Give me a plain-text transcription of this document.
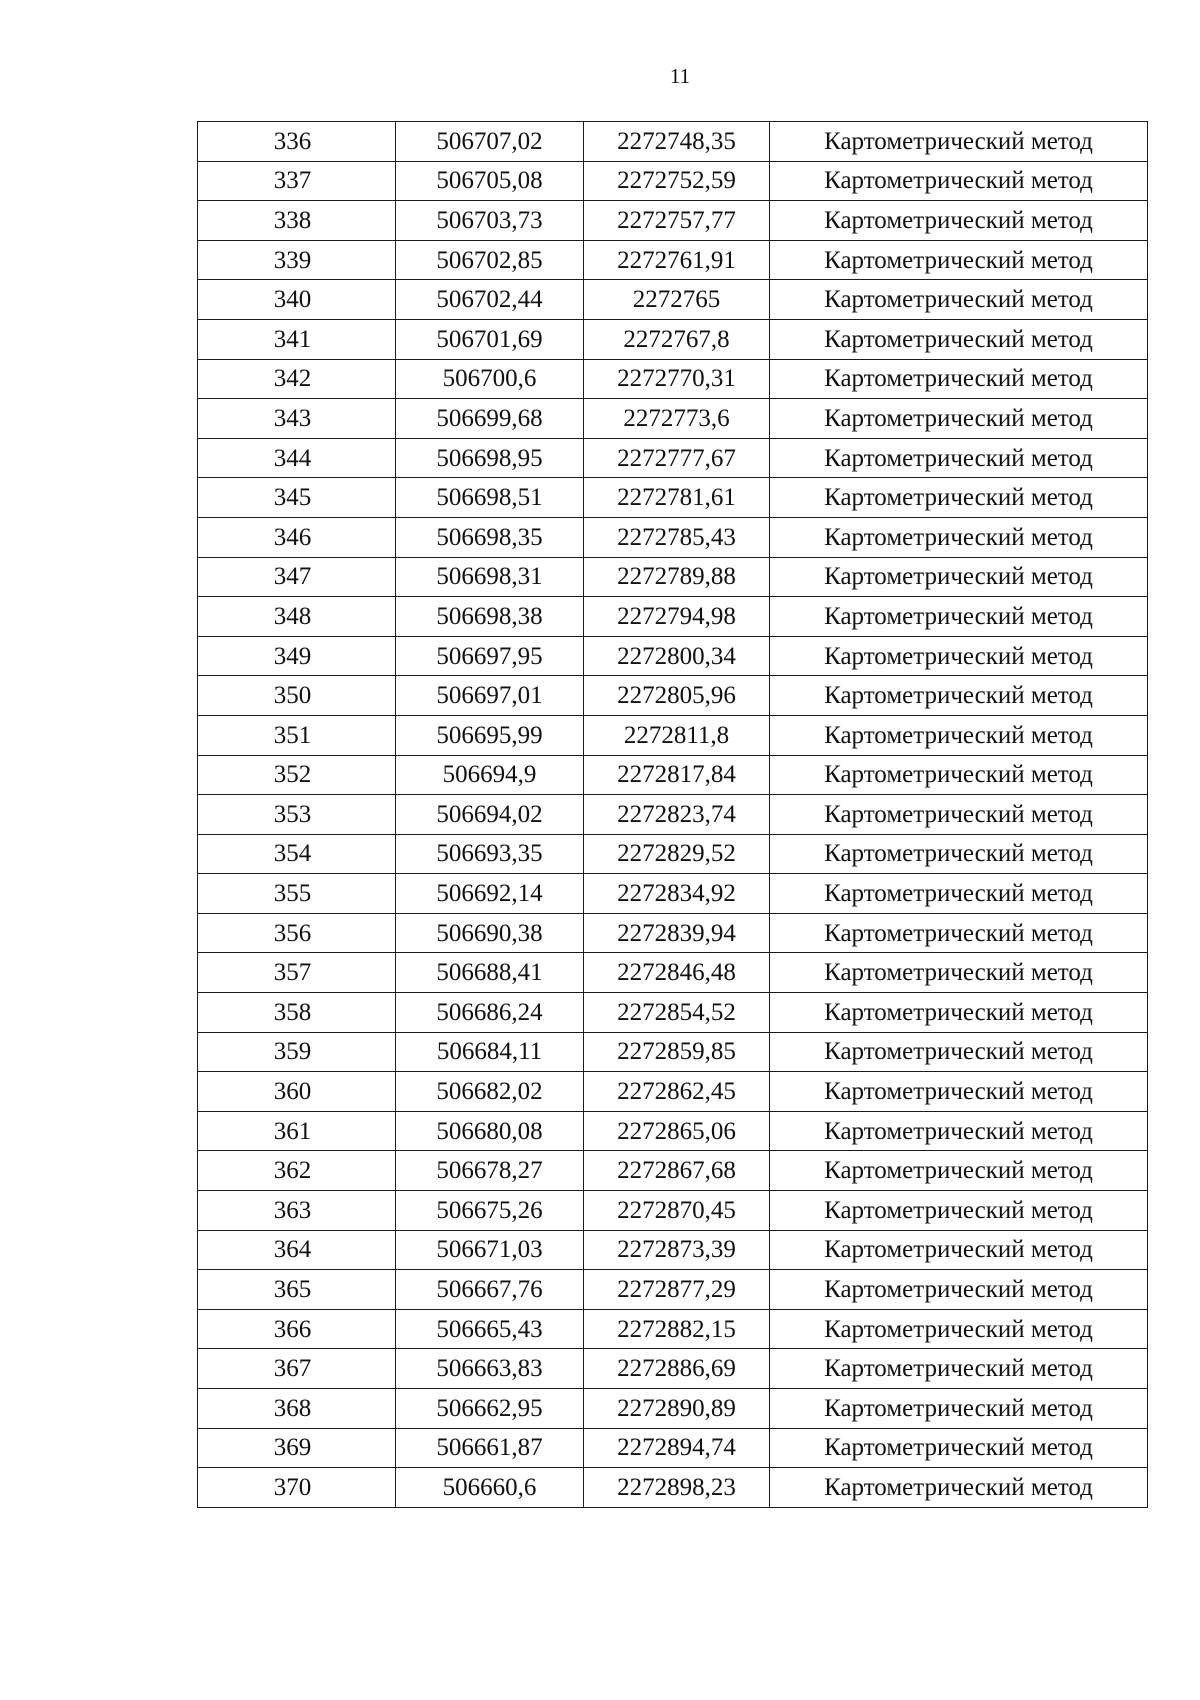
11
336	506707,02	2272748,35	Картометрический метод
337	506705,08	2272752,59	Картометрический метод
338	506703,73	2272757,77	Картометрический метод
339	506702,85	2272761,91	Картометрический метод
340	506702,44	2272765	Картометрический метод
341	506701,69	2272767,8	Картометрический метод
342	506700,6	2272770,31	Картометрический метод
343	506699,68	2272773,6	Картометрический метод
344	506698,95	2272777,67	Картометрический метод
345	506698,51	2272781,61	Картометрический метод
346	506698,35	2272785,43	Картометрический метод
347	506698,31	2272789,88	Картометрический метод
348	506698,38	2272794,98	Картометрический метод
349	506697,95	2272800,34	Картометрический метод
350	506697,01	2272805,96	Картометрический метод
351	506695,99	2272811,8	Картометрический метод
352	506694,9	2272817,84	Картометрический метод
353	506694,02	2272823,74	Картометрический метод
354	506693,35	2272829,52	Картометрический метод
355	506692,14	2272834,92	Картометрический метод
356	506690,38	2272839,94	Картометрический метод
357	506688,41	2272846,48	Картометрический метод
358	506686,24	2272854,52	Картометрический метод
359	506684,11	2272859,85	Картометрический метод
360	506682,02	2272862,45	Картометрический метод
361	506680,08	2272865,06	Картометрический метод
362	506678,27	2272867,68	Картометрический метод
363	506675,26	2272870,45	Картометрический метод
364	506671,03	2272873,39	Картометрический метод
365	506667,76	2272877,29	Картометрический метод
366	506665,43	2272882,15	Картометрический метод
367	506663,83	2272886,69	Картометрический метод
368	506662,95	2272890,89	Картометрический метод
369	506661,87	2272894,74	Картометрический метод
370	506660,6	2272898,23	Картометрический метод
